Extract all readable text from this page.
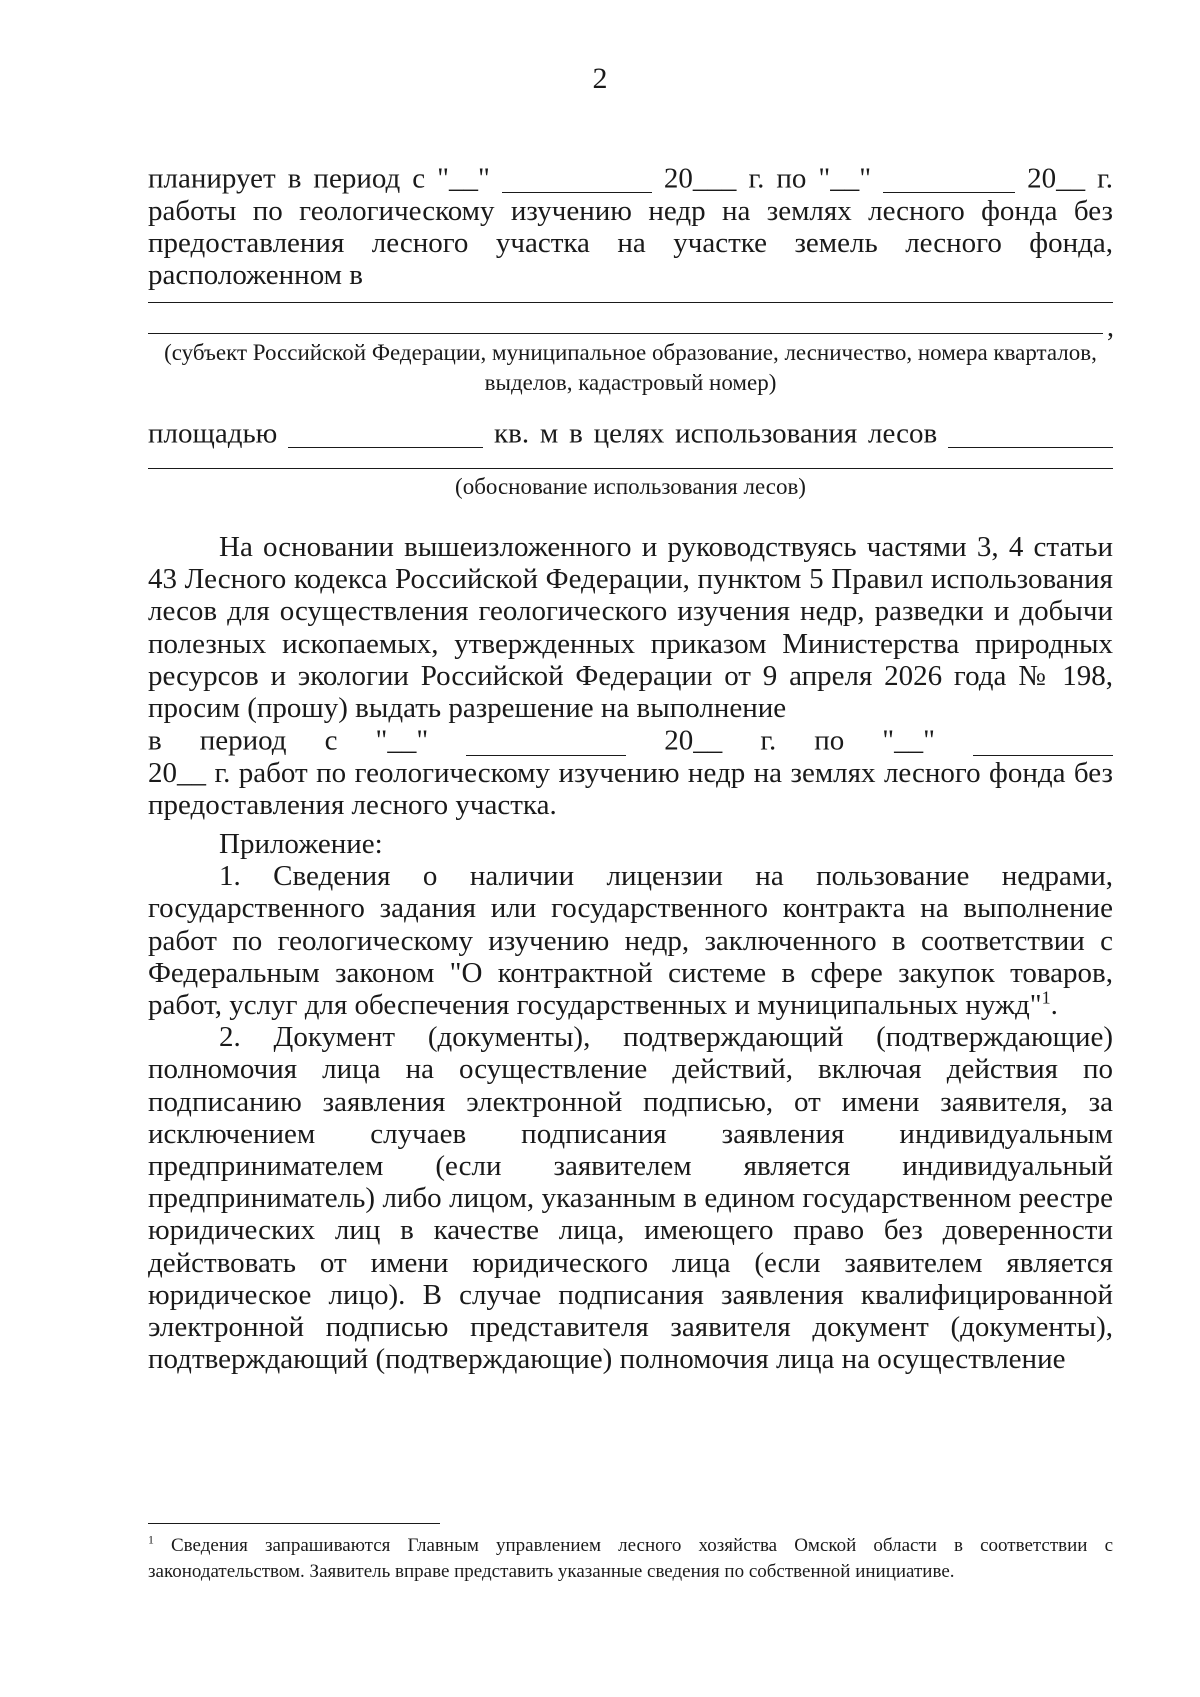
2

планирует в период с "__"	20___ г. по "__"	20__ г.

работы по геологическому изучению недр на землях лесного фонда без предоставления лесного участка на участке земель лесного фонда, расположенном в

,
(субъект Российской Федерации, муниципальное образование, лесничество, номера кварталов, выделов, кадастровый номер)

площадью	кв. м в целях использования лесов

(обоснование использования лесов)

На основании вышеизложенного и руководствуясь частями 3, 4 статьи 43 Лесного кодекса Российской Федерации, пунктом 5 Правил использования лесов для осуществления геологического изучения недр, разведки и добычи полезных ископаемых, утвержденных приказом Министерства природных ресурсов и экологии Российской Федерации от 9 апреля 2026 года № 198, просим (прошу) выдать разрешение на выполнение

в период с "__"	20__ г. по "__"

20__ г. работ по геологическому изучению недр на землях лесного фонда без предоставления лесного участка.

Приложение:

1. Сведения о наличии лицензии на пользование недрами, государственного задания или государственного контракта на выполнение работ по геологическому изучению недр, заключенного в соответствии с Федеральным законом "О контрактной системе в сфере закупок товаров, работ, услуг для обеспечения государственных и муниципальных нужд"$^1$.

2. Документ (документы), подтверждающий (подтверждающие) полномочия лица на осуществление действий, включая действия по подписанию заявления электронной подписью, от имени заявителя, за исключением случаев подписания заявления индивидуальным предпринимателем (если заявителем является индивидуальный предприниматель) либо лицом, указанным в едином государственном реестре юридических лиц в качестве лица, имеющего право без доверенности действовать от имени юридического лица (если заявителем является юридическое лицо). В случае подписания заявления квалифицированной электронной подписью представителя заявителя документ (документы), подтверждающий (подтверждающие) полномочия лица на осуществление

$^1$ Сведения запрашиваются Главным управлением лесного хозяйства Омской области в соответствии с законодательством. Заявитель вправе представить указанные сведения по собственной инициативе.
